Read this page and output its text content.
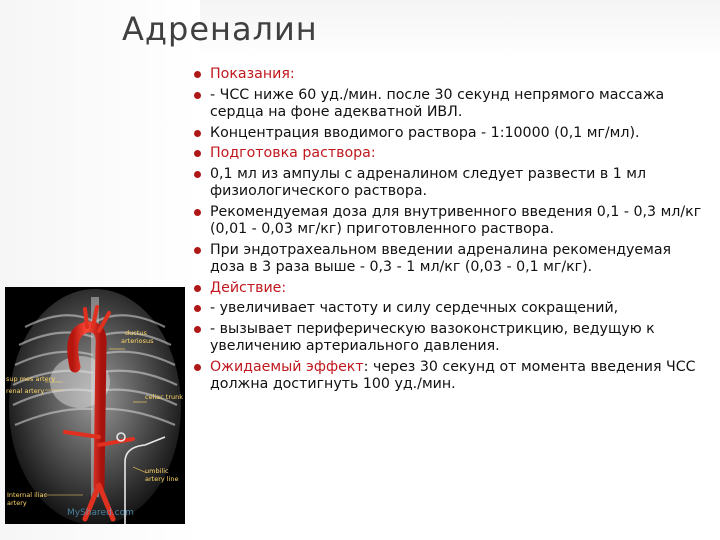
Адреналин
Показания:
- ЧСС ниже 60 уд./мин. после 30 секунд непрямого массажа сердца на фоне адекватной ИВЛ.
Концентрация вводимого раствора - 1:10000 (0,1 мг/мл).
Подготовка раствора:
0,1 мл из ампулы с адреналином следует развести в 1 мл физиологического раствора.
Рекомендуемая доза для внутривенного введения 0,1 - 0,3 мл/кг (0,01 - 0,03 мг/кг) приготовленного раствора.
При эндотрахеальном введении адреналина рекомендуемая доза в 3 раза выше - 0,3 - 1 мл/кг (0,03 - 0,1 мг/кг).
Действие:
- увеличивает частоту и силу сердечных сокращений,
- вызывает периферическую вазоконстрикцию, ведущую к увеличению артериального давления.
Ожидаемый эффект: через 30 секунд от момента введения ЧСС должна достигнуть 100 уд./мин.
ductus
arteriosus
sup mes artery
renal artery
celiac trunk
umbilic
artery line
Internal iliac
artery
MyShared.com
